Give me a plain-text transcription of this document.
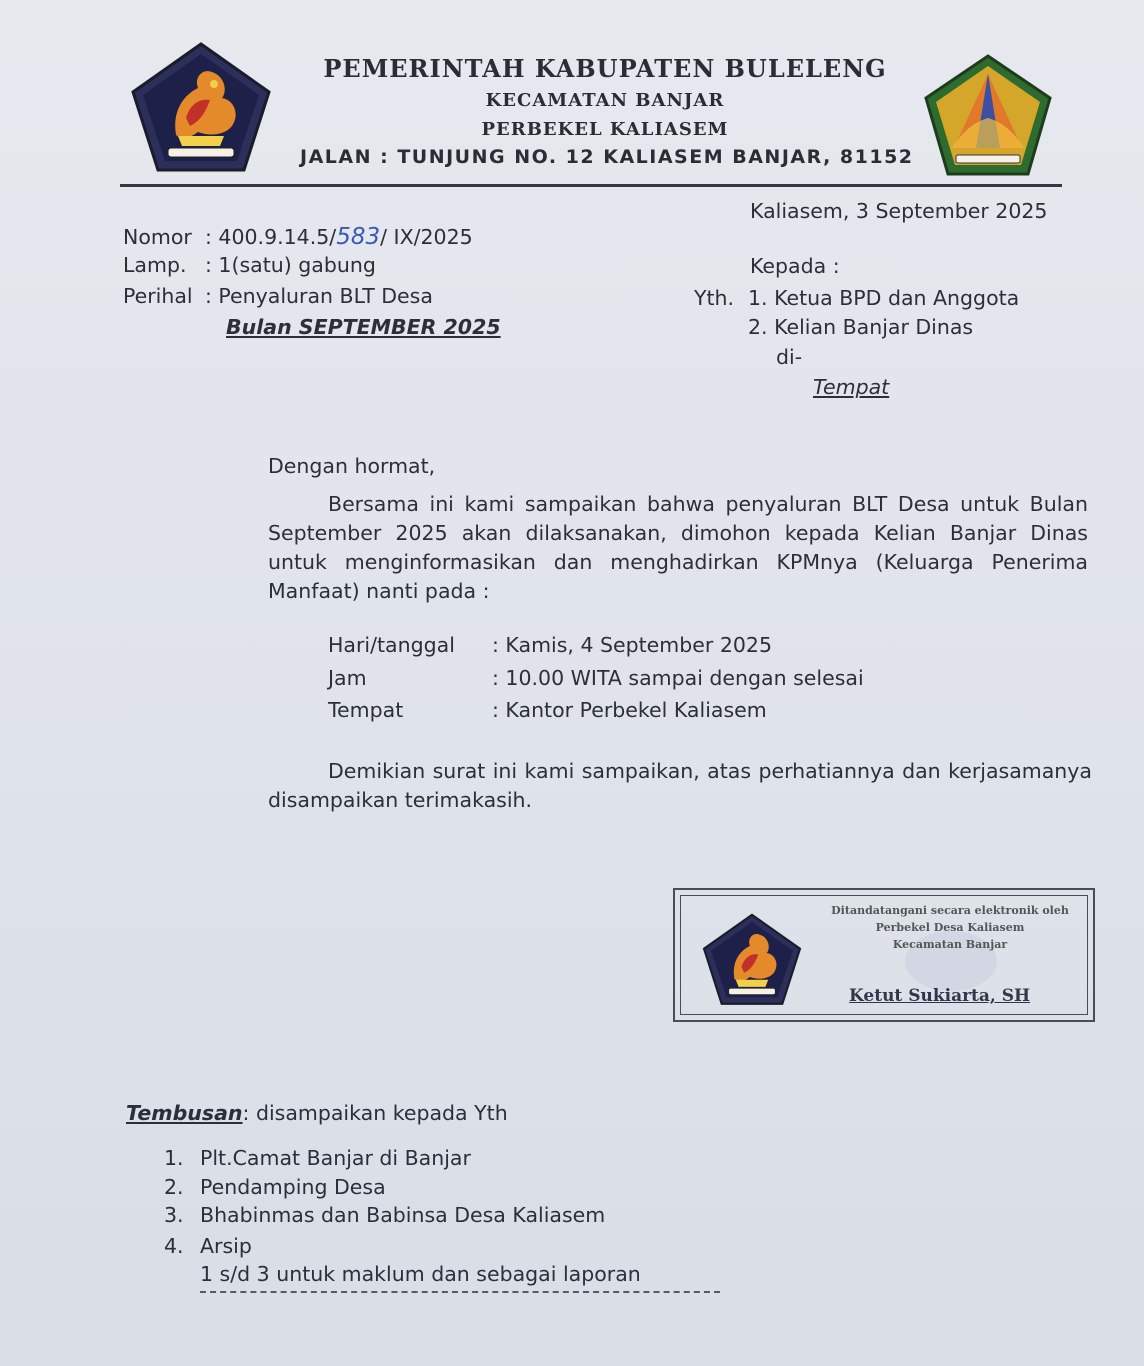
PEMERINTAH KABUPATEN BULELENG
KECAMATAN BANJAR
PERBEKEL KALIASEM
JALAN : TUNJUNG NO. 12 KALIASEM BANJAR, 81152
Kaliasem, 3 September 2025
Nomor : 400.9.14.5/583/ IX/2025
Lamp. : 1(satu) gabung
Perihal : Penyaluran BLT Desa
Bulan SEPTEMBER 2025
Kepada :
Yth. 1. Ketua BPD dan Anggota
2. Kelian Banjar Dinas
di-
Tempat
Dengan hormat,
Bersama ini kami sampaikan bahwa penyaluran BLT Desa untuk Bulan September 2025 akan dilaksanakan, dimohon kepada Kelian Banjar Dinas untuk menginformasikan dan menghadirkan KPMnya (Keluarga Penerima Manfaat) nanti pada :
Hari/tanggal : Kamis, 4 September 2025
Jam	: 10.00 WITA sampai dengan selesai
Tempat	: Kantor Perbekel Kaliasem
Demikian surat ini kami sampaikan, atas perhatiannya dan kerjasamanya disampaikan terimakasih.
Ditandatangani secara elektronik oleh
Perbekel Desa Kaliasem
Kecamatan Banjar
Ketut Sukiarta, SH
Tembusan: disampaikan kepada Yth
1. Plt.Camat Banjar di Banjar
2. Pendamping Desa
3. Bhabinmas dan Babinsa Desa Kaliasem
4. Arsip
1 s/d 3 untuk maklum dan sebagai laporan
